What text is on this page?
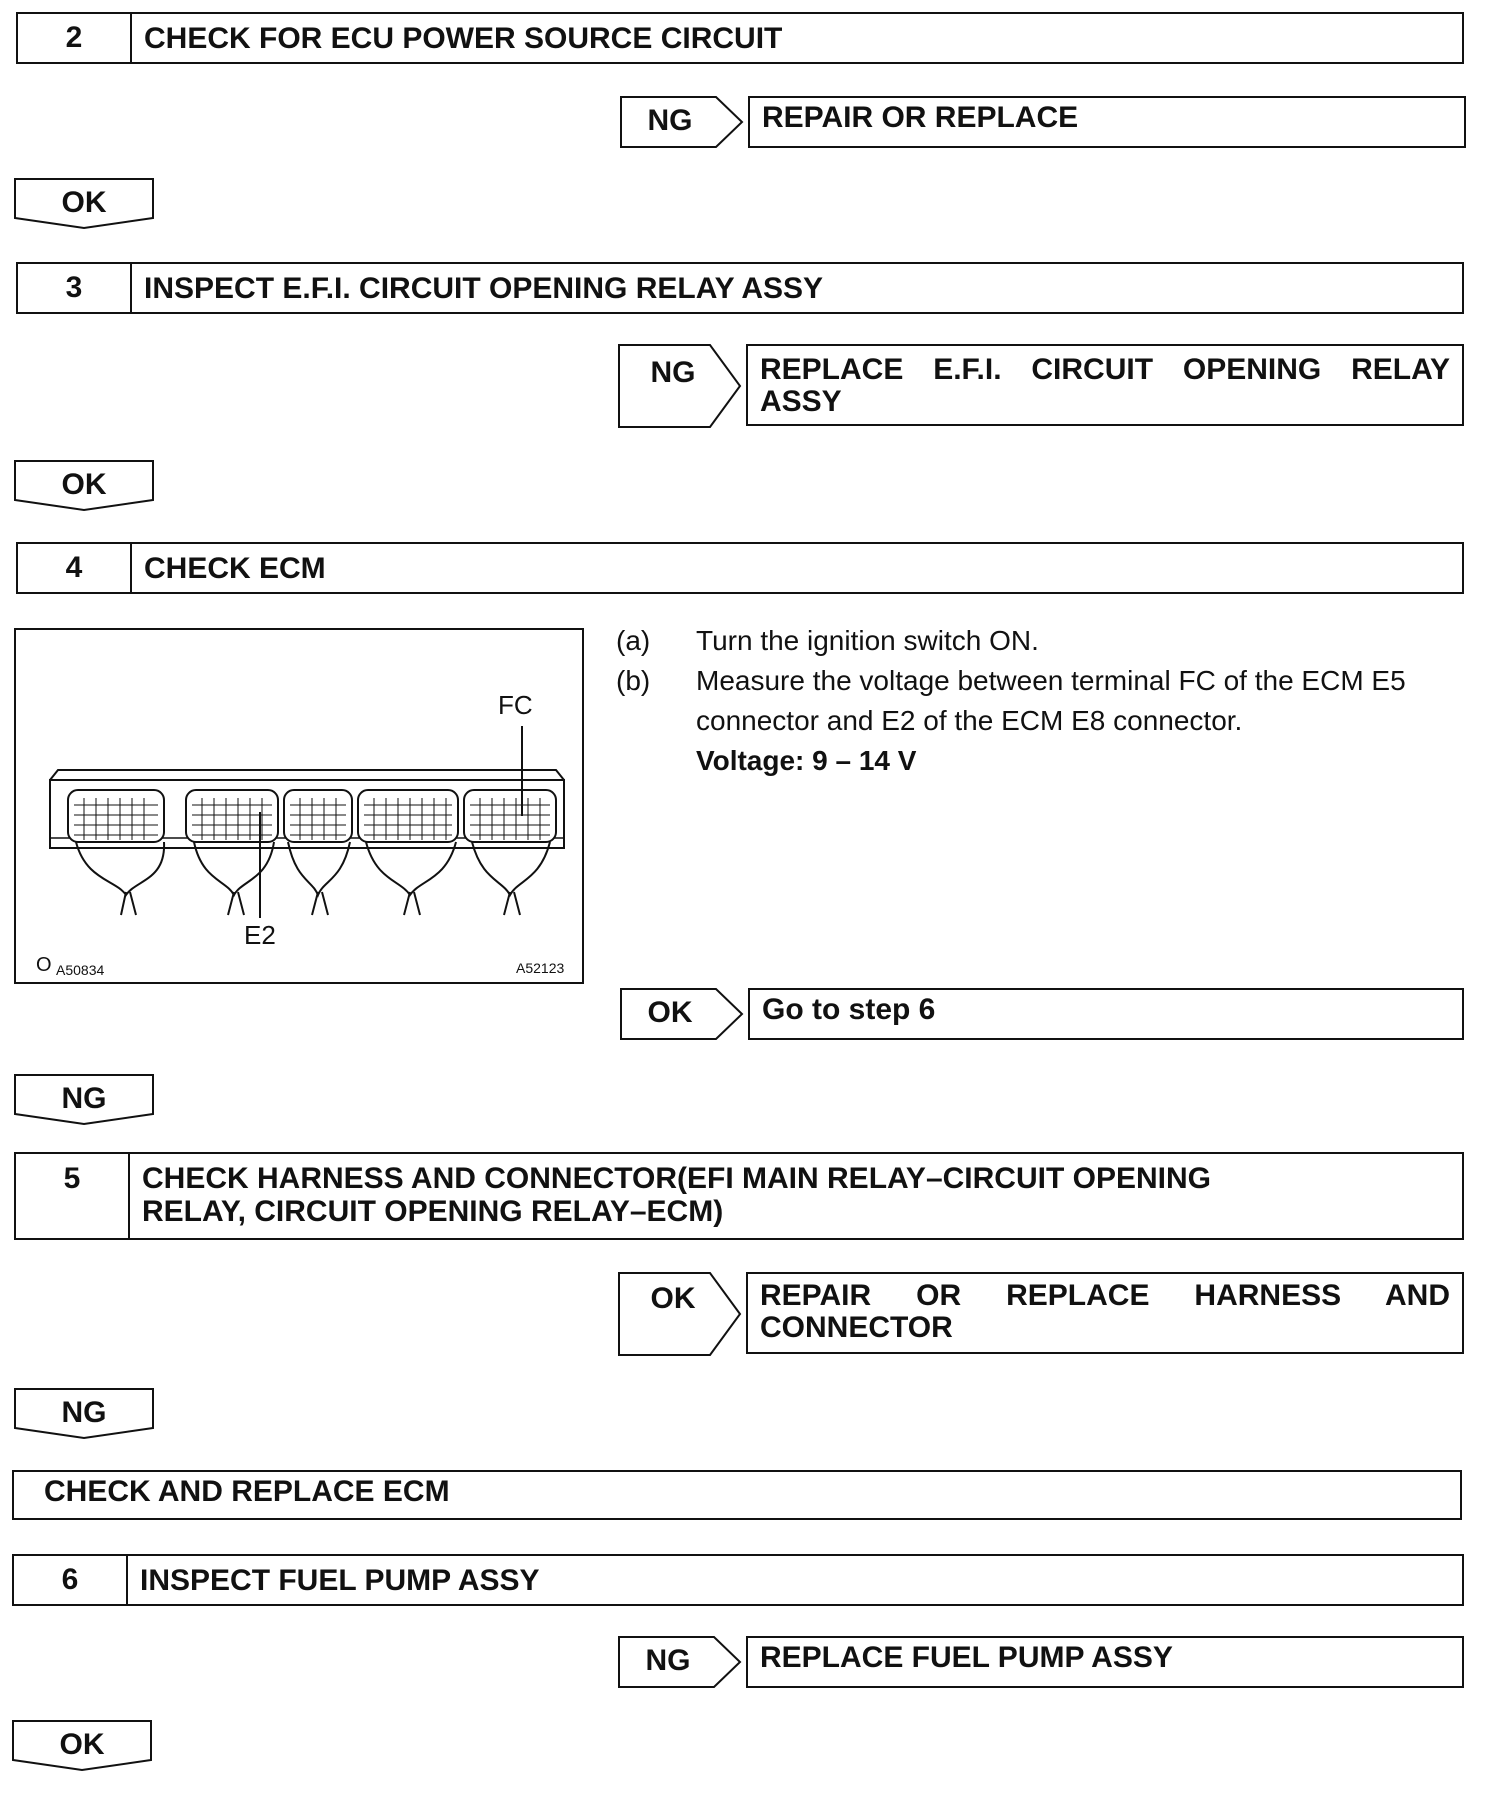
2	CHECK FOR ECU POWER SOURCE CIRCUIT
NG	REPAIR OR REPLACE
OK
3	INSPECT E.F.I. CIRCUIT OPENING RELAY ASSY
NG	REPLACE E.F.I. CIRCUIT OPENING RELAY
ASSY
OK
4	CHECK ECM
FC
E2
O A50834	A52123
(a) Turn the ignition switch ON.
(b) Measure the voltage between terminal FC of the ECM E5
connector and E2 of the ECM E8 connector.
Voltage: 9 – 14 V
OK	Go to step 6
NG
5 CHECK HARNESS AND CONNECTOR(EFI MAIN RELAY–CIRCUIT OPENING
RELAY, CIRCUIT OPENING RELAY–ECM)
OK	REPAIR OR REPLACE HARNESS AND
CONNECTOR
NG
CHECK AND REPLACE ECM
6	INSPECT FUEL PUMP ASSY
NG	REPLACE FUEL PUMP ASSY
OK
